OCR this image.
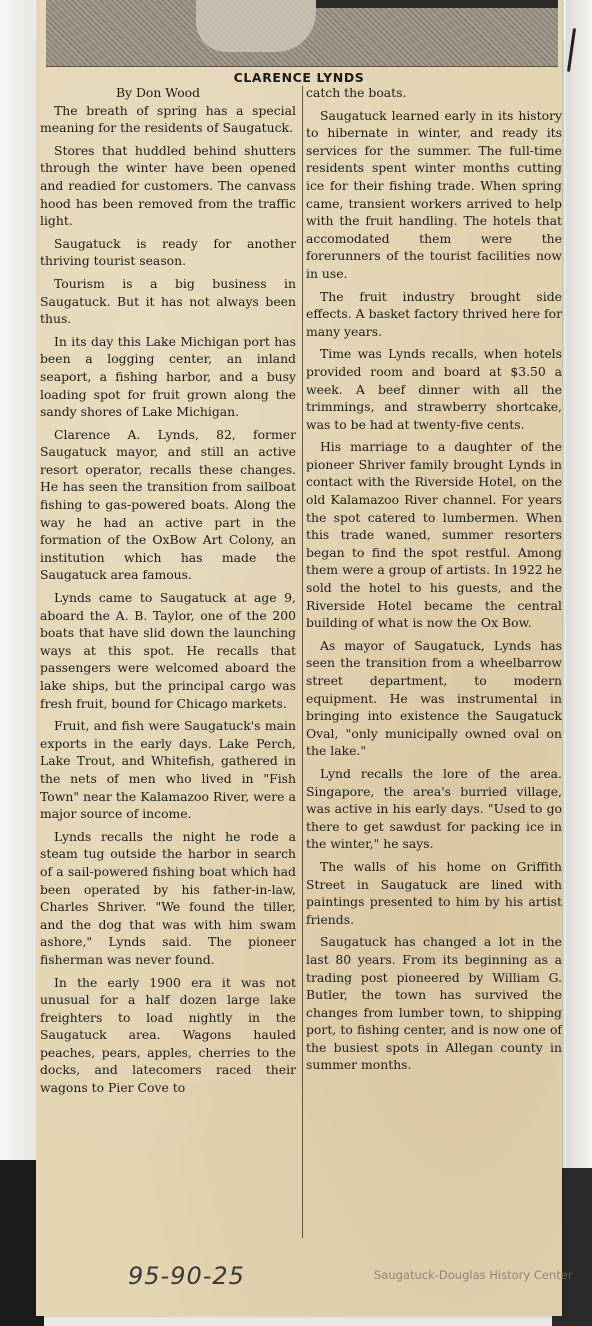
CLARENCE LYNDS
By Don Wood

The breath of spring has a special meaning for the residents of Saugatuck.

Stores that huddled behind shutters through the winter have been opened and readied for customers. The canvass hood has been removed from the traffic light.

Saugatuck is ready for another thriving tourist season.

Tourism is a big business in Saugatuck. But it has not always been thus.

In its day this Lake Michigan port has been a logging center, an inland seaport, a fishing harbor, and a busy loading spot for fruit grown along the sandy shores of Lake Michigan.

Clarence A. Lynds, 82, former Saugatuck mayor, and still an active resort operator, recalls these changes. He has seen the transition from sailboat fishing to gas-powered boats. Along the way he had an active part in the formation of the OxBow Art Colony, an institution which has made the Saugatuck area famous.

Lynds came to Saugatuck at age 9, aboard the A. B. Taylor, one of the 200 boats that have slid down the launching ways at this spot. He recalls that passengers were welcomed aboard the lake ships, but the principal cargo was fresh fruit, bound for Chicago markets.

Fruit, and fish were Saugatuck's main exports in the early days. Lake Perch, Lake Trout, and Whitefish, gathered in the nets of men who lived in "Fish Town" near the Kalamazoo River, were a major source of income.

Lynds recalls the night he rode a steam tug outside the harbor in search of a sail-powered fishing boat which had been operated by his father-in-law, Charles Shriver. "We found the tiller, and the dog that was with him swam ashore," Lynds said. The pioneer fisherman was never found.

In the early 1900 era it was not unusual for a half dozen large lake freighters to load nightly in the Saugatuck area. Wagons hauled peaches, pears, apples, cherries to the docks, and latecomers raced their wagons to Pier Cove to

catch the boats.

Saugatuck learned early in its history to hibernate in winter, and ready its services for the summer. The full-time residents spent winter months cutting ice for their fishing trade. When spring came, transient workers arrived to help with the fruit handling. The hotels that accomodated them were the forerunners of the tourist facilities now in use.

The fruit industry brought side effects. A basket factory thrived here for many years.

Time was Lynds recalls, when hotels provided room and board at $3.50 a week. A beef dinner with all the trimmings, and strawberry shortcake, was to be had at twenty-five cents.

His marriage to a daughter of the pioneer Shriver family brought Lynds in contact with the Riverside Hotel, on the old Kalamazoo River channel. For years the spot catered to lumbermen. When this trade waned, summer resorters began to find the spot restful. Among them were a group of artists. In 1922 he sold the hotel to his guests, and the Riverside Hotel became the central building of what is now the Ox Bow.

As mayor of Saugatuck, Lynds has seen the transition from a wheelbarrow street department, to modern equipment. He was instrumental in bringing into existence the Saugatuck Oval, "only municipally owned oval on the lake."

Lynd recalls the lore of the area. Singapore, the area's burried village, was active in his early days. "Used to go there to get sawdust for packing ice in the winter," he says.

The walls of his home on Griffith Street in Saugatuck are lined with paintings presented to him by his artist friends.

Saugatuck has changed a lot in the last 80 years. From its beginning as a trading post pioneered by William G. Butler, the town has survived the changes from lumber town, to shipping port, to fishing center, and is now one of the busiest spots in Allegan county in summer months.

95-90-25	Saugatuck-Douglas History Center
